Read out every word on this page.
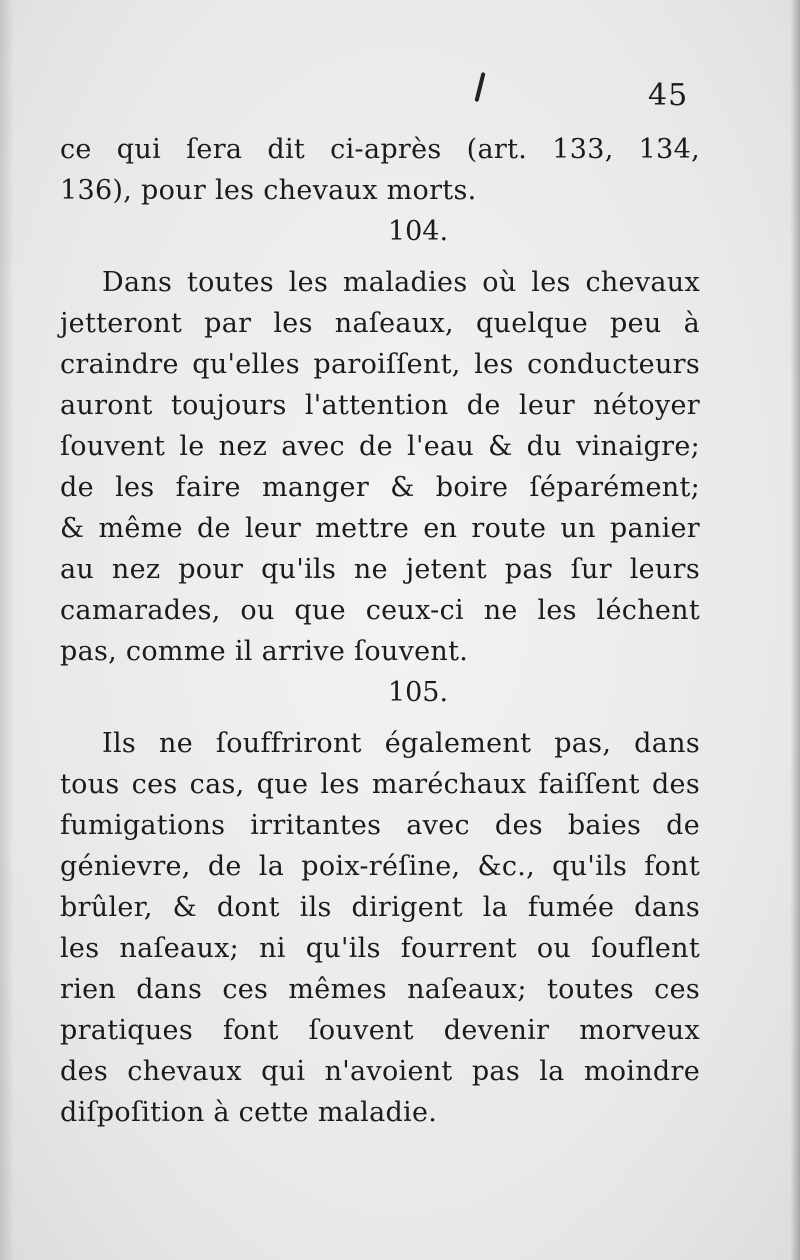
45
ce qui ſera dit ci-après (art. 133, 134,
136), pour les chevaux morts.
104.
Dans toutes les maladies où les chevaux
jetteront par les naſeaux, quelque peu à
craindre qu'elles paroiſſent, les conducteurs
auront toujours l'attention de leur nétoyer
ſouvent le nez avec de l'eau & du vinaigre;
de les faire manger & boire ſéparément;
& même de leur mettre en route un panier
au nez pour qu'ils ne jetent pas ſur leurs
camarades, ou que ceux-ci ne les léchent
pas, comme il arrive ſouvent.
105.
Ils ne ſouffriront également pas, dans
tous ces cas, que les maréchaux faiſſent des
fumigations irritantes avec des baies de
génievre, de la poix-réſine, &c., qu'ils font
brûler, & dont ils dirigent la fumée dans
les naſeaux; ni qu'ils fourrent ou ſouflent
rien dans ces mêmes naſeaux; toutes ces
pratiques font ſouvent devenir morveux
des chevaux qui n'avoient pas la moindre
diſpoſition à cette maladie.
